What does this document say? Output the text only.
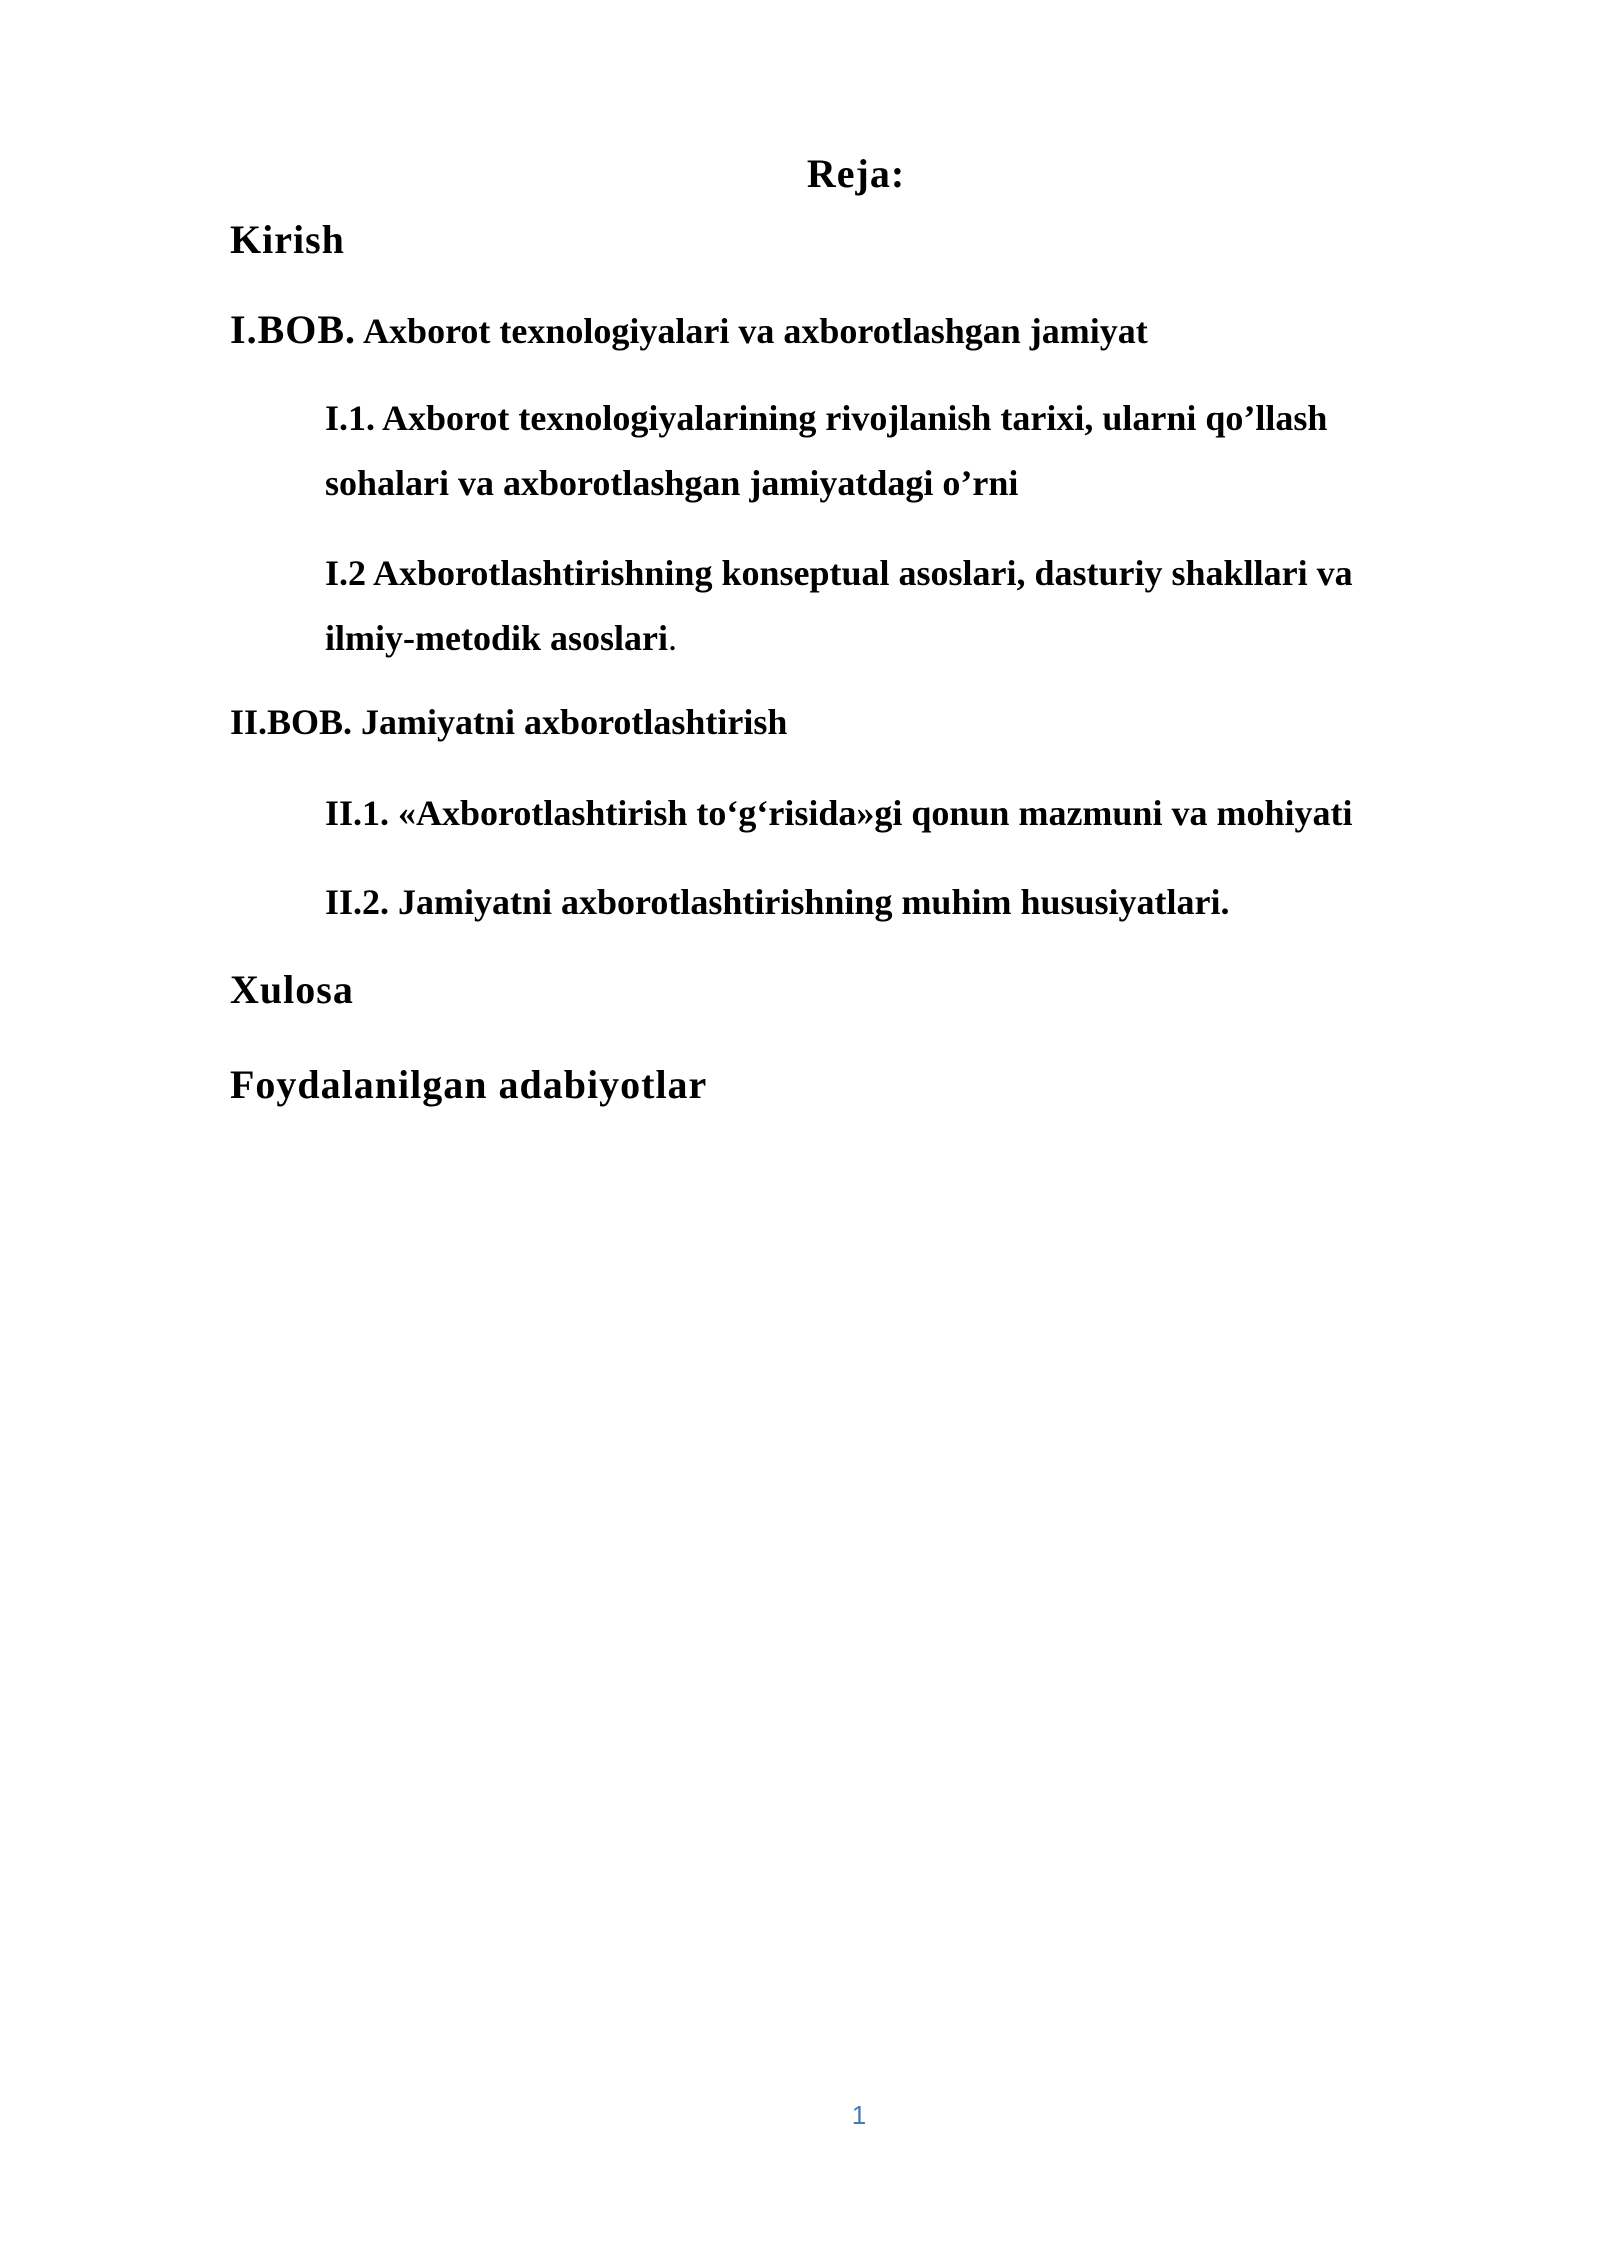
Reja:

Kirish

I.BOB. Axborot texnologiyalari va axborotlashgan jamiyat

I.1. Axborot texnologiyalarining rivojlanish tarixi, ularni qo’llash sohalari va axborotlashgan jamiyatdagi o’rni

I.2 Axborotlashtirishning konseptual asoslari, dasturiy shakllari va ilmiy-metodik asoslari.

II.BOB. Jamiyatni axborotlashtirish

II.1. «Axborotlashtirish to‘g‘risida»gi qonun mazmuni va mohiyati

II.2. Jamiyatni axborotlashtirishning muhim hususiyatlari.

Xulosa

Foydalanilgan adabiyotlar

1
